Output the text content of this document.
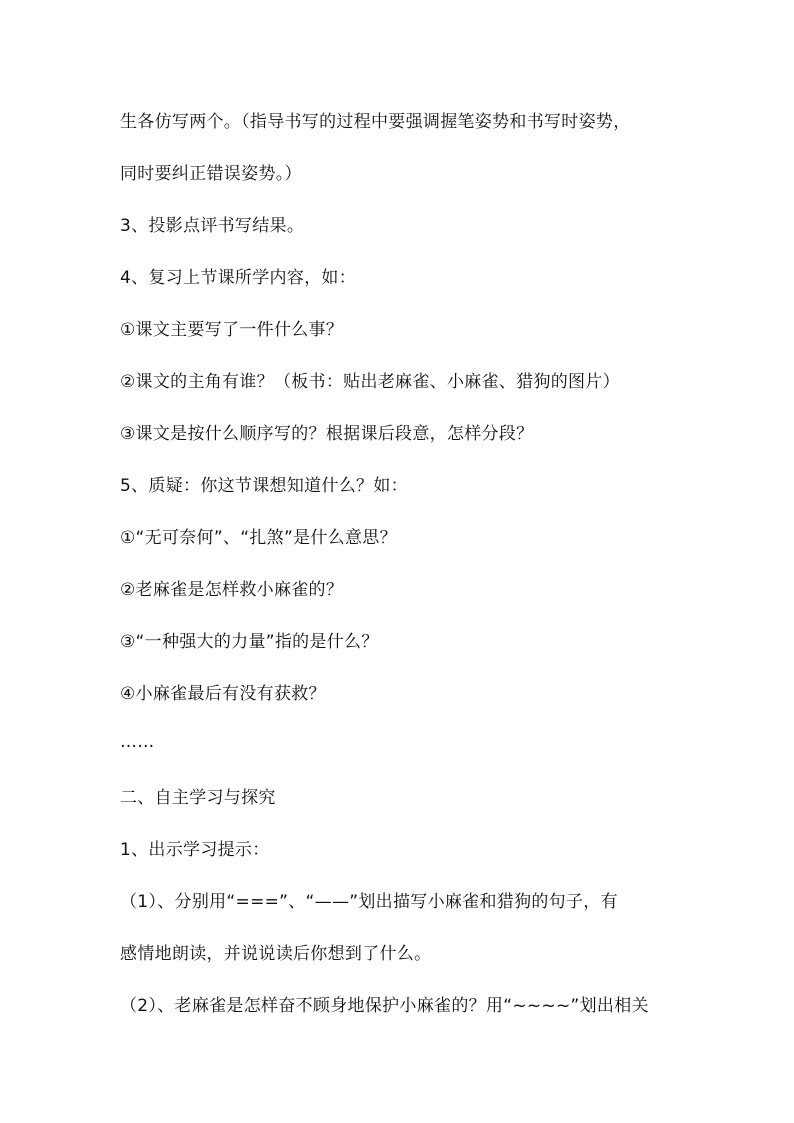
生各仿写两个。（指导书写的过程中要强调握笔姿势和书写时姿势，
同时要纠正错误姿势。）
3、投影点评书写结果。
4、复习上节课所学内容，如：
①课文主要写了一件什么事？
②课文的主角有谁？（板书：贴出老麻雀、小麻雀、猎狗的图片）
③课文是按什么顺序写的？根据课后段意，怎样分段？
5、质疑：你这节课想知道什么？如：
①“无可奈何”、“扎煞”是什么意思？
②老麻雀是怎样救小麻雀的？
③“一种强大的力量”指的是什么？
④小麻雀最后有没有获救？
……
二、自主学习与探究
1、出示学习提示：
（1）、分别用“===”、“——”划出描写小麻雀和猎狗的句子，有
感情地朗读，并说说读后你想到了什么。
（2）、老麻雀是怎样奋不顾身地保护小麻雀的？用“~~~~”划出相关
